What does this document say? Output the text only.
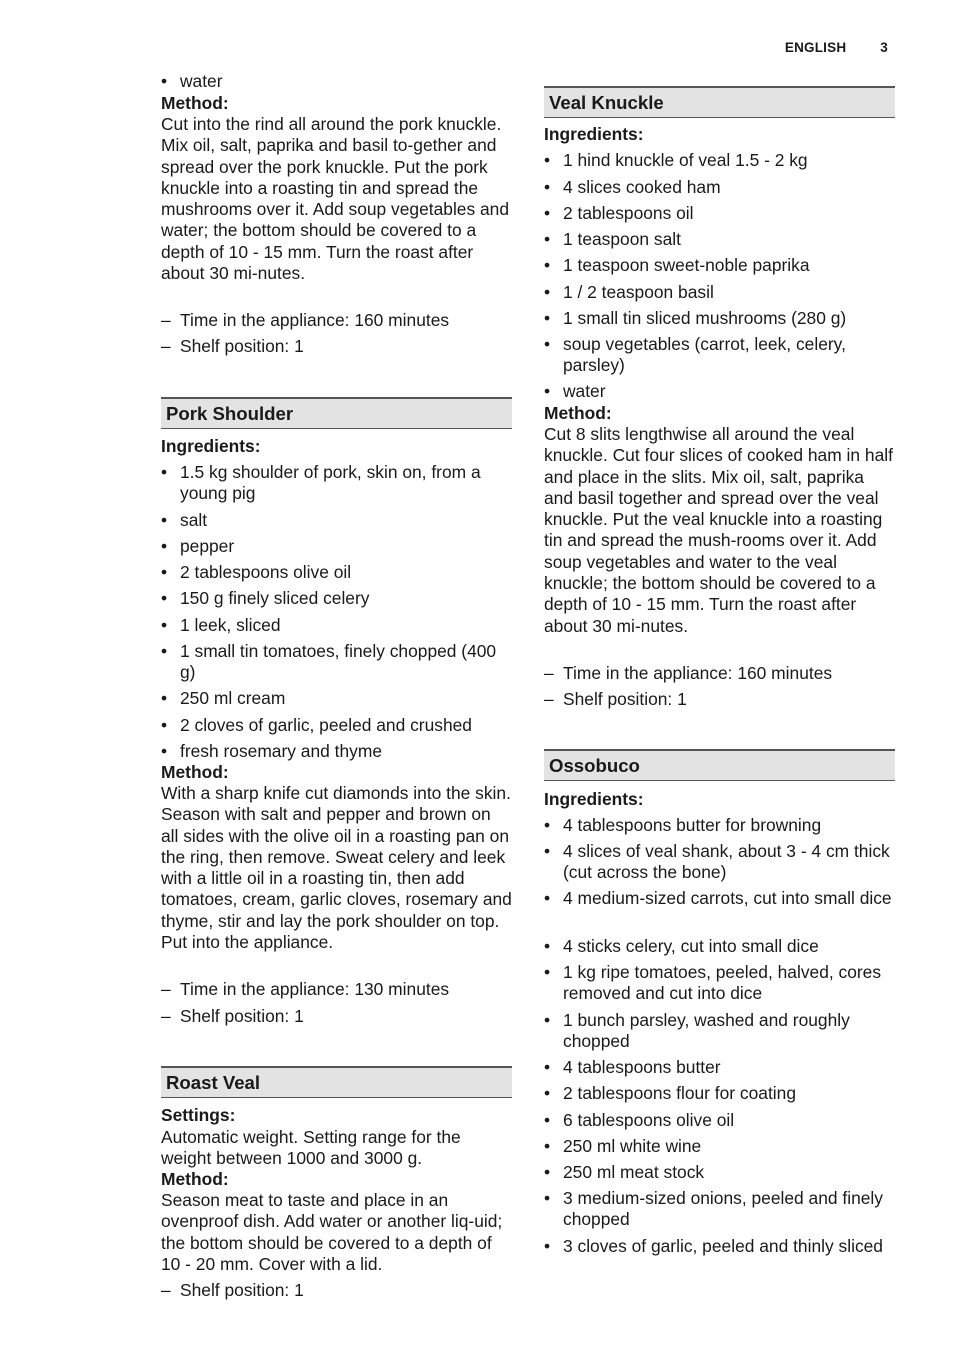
ENGLISH	3
• water
Method:
Cut into the rind all around the pork knuckle. Mix oil, salt, paprika and basil to-gether and spread over the pork knuckle. Put the pork knuckle into a roasting tin and spread the mushrooms over it. Add soup vegetables and water; the bottom should be covered to a depth of 10 - 15 mm. Turn the roast after about 30 mi-nutes.
– Time in the appliance: 160 minutes
– Shelf position: 1
Pork Shoulder
Ingredients:
• 1.5 kg shoulder of pork, skin on, from a young pig
• salt
• pepper
• 2 tablespoons olive oil
• 150 g finely sliced celery
• 1 leek, sliced
• 1 small tin tomatoes, finely chopped (400 g)
• 250 ml cream
• 2 cloves of garlic, peeled and crushed
• fresh rosemary and thyme
Method:
With a sharp knife cut diamonds into the skin. Season with salt and pepper and brown on all sides with the olive oil in a roasting pan on the ring, then remove. Sweat celery and leek with a little oil in a roasting tin, then add tomatoes, cream, garlic cloves, rosemary and thyme, stir and lay the pork shoulder on top. Put into the appliance.
– Time in the appliance: 130 minutes
– Shelf position: 1
Roast Veal
Settings:
Automatic weight. Setting range for the weight between 1000 and 3000 g.
Method:
Season meat to taste and place in an ovenproof dish. Add water or another liq-uid; the bottom should be covered to a depth of 10 - 20 mm. Cover with a lid.
– Shelf position: 1
Veal Knuckle
Ingredients:
• 1 hind knuckle of veal 1.5 - 2 kg
• 4 slices cooked ham
• 2 tablespoons oil
• 1 teaspoon salt
• 1 teaspoon sweet-noble paprika
• 1 / 2 teaspoon basil
• 1 small tin sliced mushrooms (280 g)
• soup vegetables (carrot, leek, celery, parsley)
• water
Method:
Cut 8 slits lengthwise all around the veal knuckle. Cut four slices of cooked ham in half and place in the slits. Mix oil, salt, paprika and basil together and spread over the veal knuckle. Put the veal knuckle into a roasting tin and spread the mush-rooms over it. Add soup vegetables and water to the veal knuckle; the bottom should be covered to a depth of 10 - 15 mm. Turn the roast after about 30 mi-nutes.
– Time in the appliance: 160 minutes
– Shelf position: 1
Ossobuco
Ingredients:
• 4 tablespoons butter for browning
• 4 slices of veal shank, about 3 - 4 cm thick (cut across the bone)
• 4 medium-sized carrots, cut into small dice
• 4 sticks celery, cut into small dice
• 1 kg ripe tomatoes, peeled, halved, cores removed and cut into dice
• 1 bunch parsley, washed and roughly chopped
• 4 tablespoons butter
• 2 tablespoons flour for coating
• 6 tablespoons olive oil
• 250 ml white wine
• 250 ml meat stock
• 3 medium-sized onions, peeled and finely chopped
• 3 cloves of garlic, peeled and thinly sliced
